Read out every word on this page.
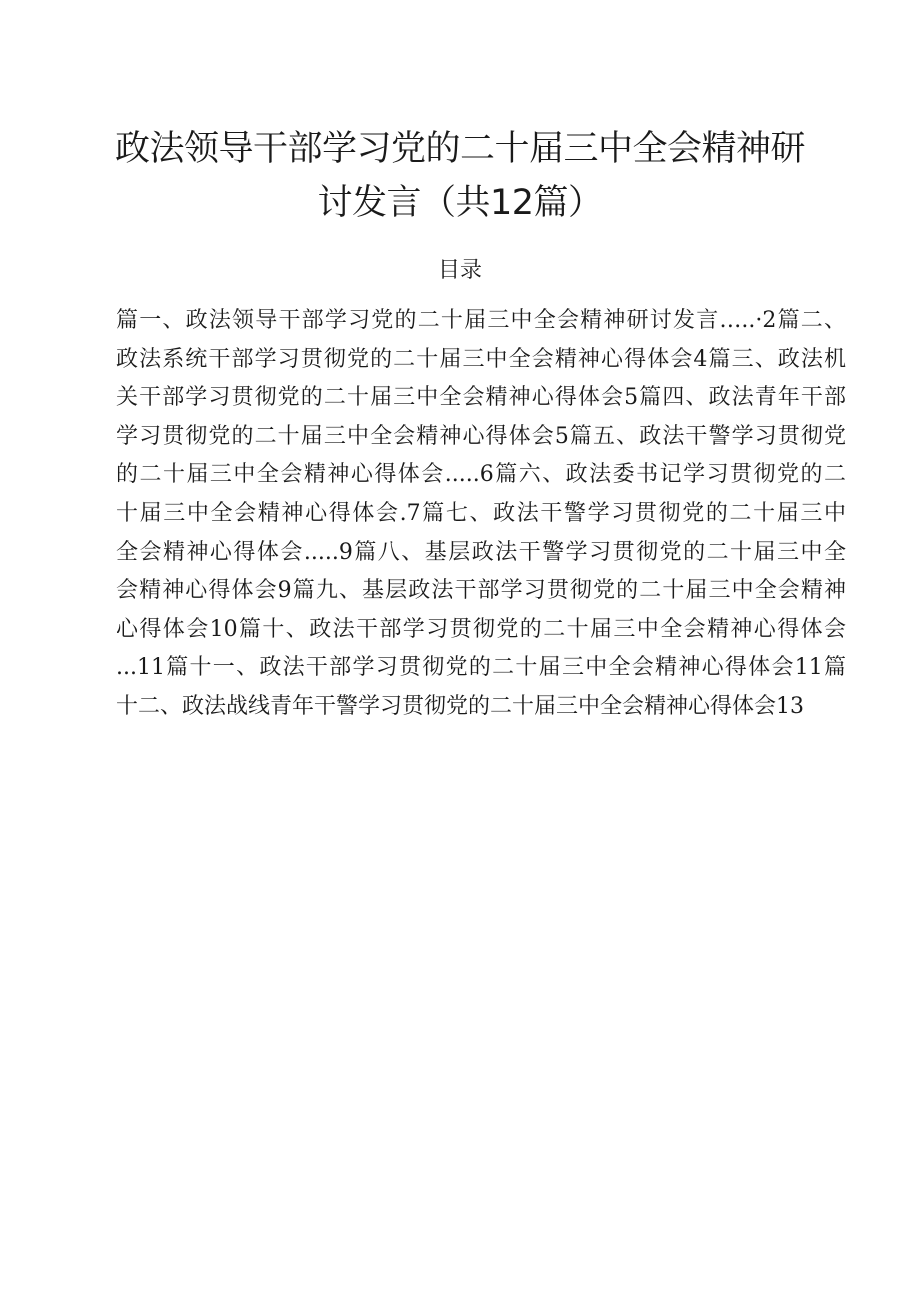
政法领导干部学习党的二十届三中全会精神研
讨发言（共12篇）
目录
篇一、政法领导干部学习党的二十届三中全会精神研讨发言…..·2篇二、
政法系统干部学习贯彻党的二十届三中全会精神心得体会4篇三、政法机
关干部学习贯彻党的二十届三中全会精神心得体会5篇四、政法青年干部
学习贯彻党的二十届三中全会精神心得体会5篇五、政法干警学习贯彻党
的二十届三中全会精神心得体会.....6篇六、政法委书记学习贯彻党的二
十届三中全会精神心得体会.7篇七、政法干警学习贯彻党的二十届三中
全会精神心得体会.....9篇八、基层政法干警学习贯彻党的二十届三中全
会精神心得体会9篇九、基层政法干部学习贯彻党的二十届三中全会精神
心得体会10篇十、政法干部学习贯彻党的二十届三中全会精神心得体会
...11篇十一、政法干部学习贯彻党的二十届三中全会精神心得体会11篇
十二、政法战线青年干警学习贯彻党的二十届三中全会精神心得体会13
